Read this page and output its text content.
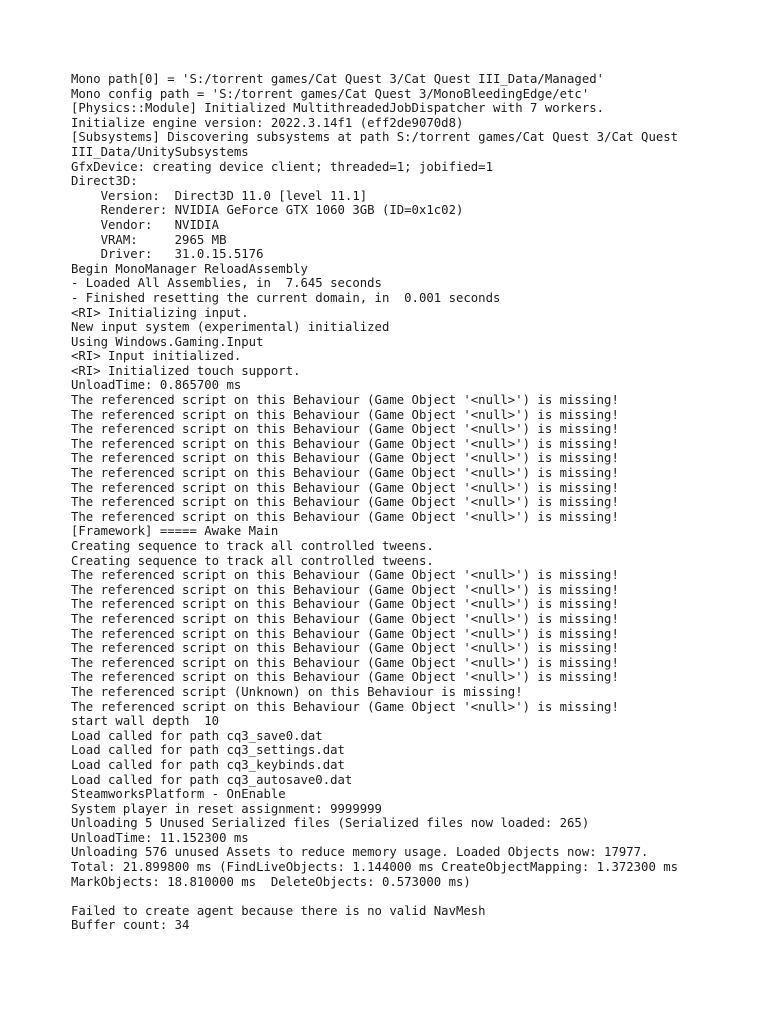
Mono path[0] = 'S:/torrent games/Cat Quest 3/Cat Quest III_Data/Managed'
Mono config path = 'S:/torrent games/Cat Quest 3/MonoBleedingEdge/etc'
[Physics::Module] Initialized MultithreadedJobDispatcher with 7 workers.
Initialize engine version: 2022.3.14f1 (eff2de9070d8)
[Subsystems] Discovering subsystems at path S:/torrent games/Cat Quest 3/Cat Quest
III_Data/UnitySubsystems
GfxDevice: creating device client; threaded=1; jobified=1
Direct3D:
Version:  Direct3D 11.0 [level 11.1]
Renderer: NVIDIA GeForce GTX 1060 3GB (ID=0x1c02)
Vendor:   NVIDIA
VRAM:     2965 MB
Driver:   31.0.15.5176
Begin MonoManager ReloadAssembly
- Loaded All Assemblies, in  7.645 seconds
- Finished resetting the current domain, in  0.001 seconds
<RI> Initializing input.
New input system (experimental) initialized
Using Windows.Gaming.Input
<RI> Input initialized.
<RI> Initialized touch support.
UnloadTime: 0.865700 ms
The referenced script on this Behaviour (Game Object '<null>') is missing!
The referenced script on this Behaviour (Game Object '<null>') is missing!
The referenced script on this Behaviour (Game Object '<null>') is missing!
The referenced script on this Behaviour (Game Object '<null>') is missing!
The referenced script on this Behaviour (Game Object '<null>') is missing!
The referenced script on this Behaviour (Game Object '<null>') is missing!
The referenced script on this Behaviour (Game Object '<null>') is missing!
The referenced script on this Behaviour (Game Object '<null>') is missing!
The referenced script on this Behaviour (Game Object '<null>') is missing!
[Framework] ===== Awake Main
Creating sequence to track all controlled tweens.
Creating sequence to track all controlled tweens.
The referenced script on this Behaviour (Game Object '<null>') is missing!
The referenced script on this Behaviour (Game Object '<null>') is missing!
The referenced script on this Behaviour (Game Object '<null>') is missing!
The referenced script on this Behaviour (Game Object '<null>') is missing!
The referenced script on this Behaviour (Game Object '<null>') is missing!
The referenced script on this Behaviour (Game Object '<null>') is missing!
The referenced script on this Behaviour (Game Object '<null>') is missing!
The referenced script on this Behaviour (Game Object '<null>') is missing!
The referenced script (Unknown) on this Behaviour is missing!
The referenced script on this Behaviour (Game Object '<null>') is missing!
start wall depth  10
Load called for path cq3_save0.dat
Load called for path cq3_settings.dat
Load called for path cq3_keybinds.dat
Load called for path cq3_autosave0.dat
SteamworksPlatform - OnEnable
System player in reset assignment: 9999999
Unloading 5 Unused Serialized files (Serialized files now loaded: 265)
UnloadTime: 11.152300 ms
Unloading 576 unused Assets to reduce memory usage. Loaded Objects now: 17977.
Total: 21.899800 ms (FindLiveObjects: 1.144000 ms CreateObjectMapping: 1.372300 ms
MarkObjects: 18.810000 ms  DeleteObjects: 0.573000 ms)
Failed to create agent because there is no valid NavMesh
Buffer count: 34
